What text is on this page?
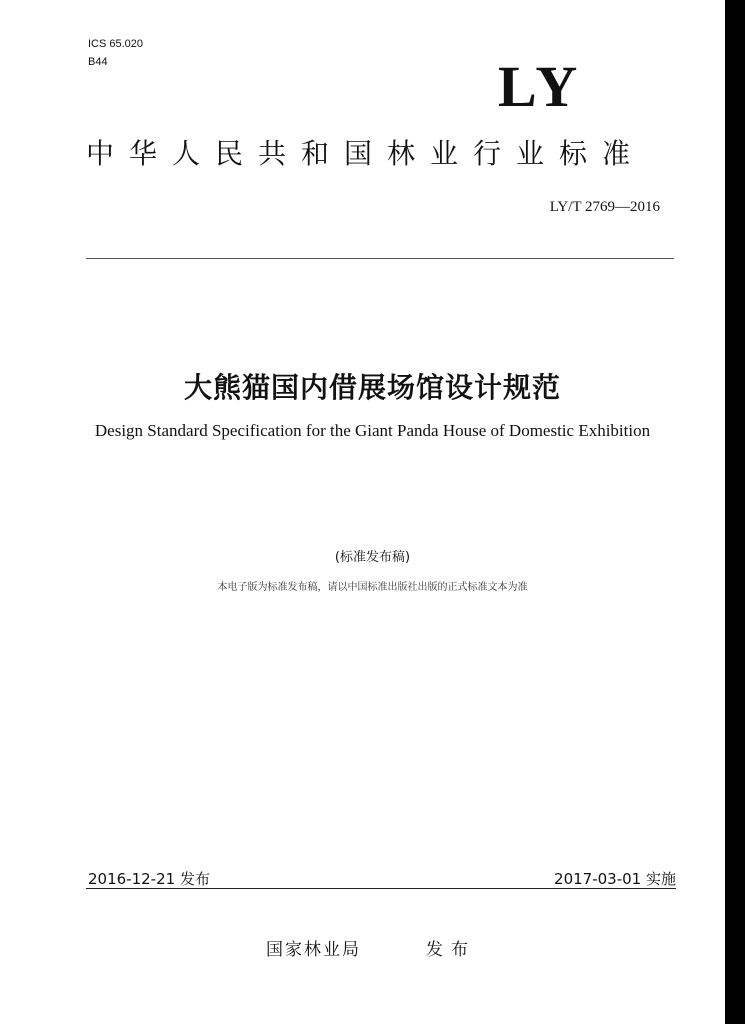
ICS 65.020
B44	LY
中华人民共和国林业行业标准
LY/T 2769—2016
大熊猫国内借展场馆设计规范
Design Standard Specification for the Giant Panda House of Domestic Exhibition
(标准发布稿)
本电子版为标准发布稿，请以中国标准出版社出版的正式标准文本为准
2016-12-21 发布	2017-03-01 实施
国家林业局	发布
